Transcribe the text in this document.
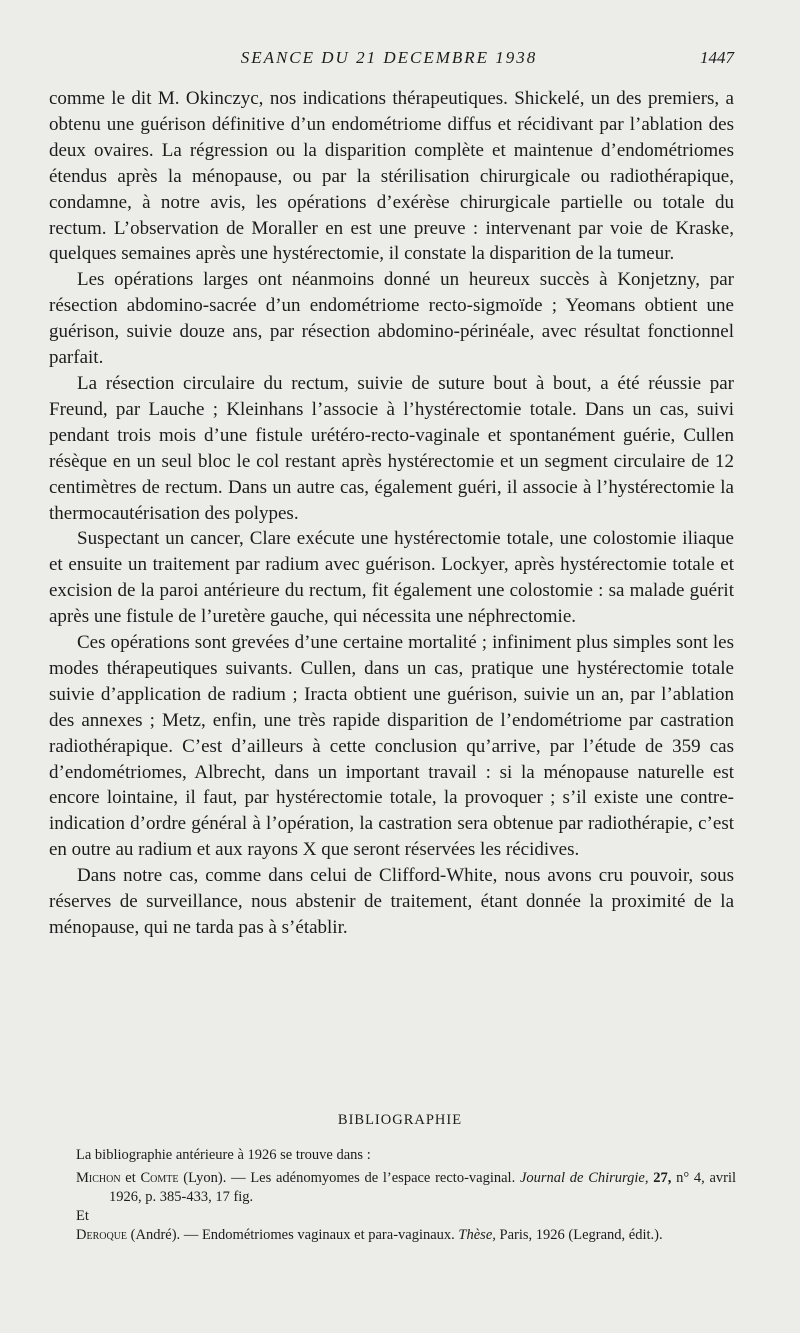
SEANCE DU 21 DECEMBRE 1938	1447

comme le dit M. Okinczyc, nos indications thérapeutiques. Shickelé, un des premiers, a obtenu une guérison définitive d’un endométriome diffus et récidivant par l’ablation des deux ovaires. La régression ou la disparition complète et maintenue d’endométriomes étendus après la ménopause, ou par la stérilisation chirurgicale ou radiothérapique, condamne, à notre avis, les opérations d’exérèse chirurgicale partielle ou totale du rectum. L’observation de Moraller en est une preuve : intervenant par voie de Kraske, quelques semaines après une hystérectomie, il constate la disparition de la tumeur.

Les opérations larges ont néanmoins donné un heureux succès à Konjetzny, par résection abdomino-sacrée d’un endométriome recto-sigmoïde ; Yeomans obtient une guérison, suivie douze ans, par résection abdomino-périnéale, avec résultat fonctionnel parfait.

La résection circulaire du rectum, suivie de suture bout à bout, a été réussie par Freund, par Lauche ; Kleinhans l’associe à l’hystérectomie totale. Dans un cas, suivi pendant trois mois d’une fistule urétéro-recto-vaginale et spontanément guérie, Cullen résèque en un seul bloc le col restant après hystérectomie et un segment circulaire de 12 centimètres de rectum. Dans un autre cas, également guéri, il associe à l’hystérectomie la thermocautérisation des polypes.

Suspectant un cancer, Clare exécute une hystérectomie totale, une colostomie iliaque et ensuite un traitement par radium avec guérison. Lockyer, après hystérectomie totale et excision de la paroi antérieure du rectum, fit également une colostomie : sa malade guérit après une fistule de l’uretère gauche, qui nécessita une néphrectomie.

Ces opérations sont grevées d’une certaine mortalité ; infiniment plus simples sont les modes thérapeutiques suivants. Cullen, dans un cas, pratique une hystérectomie totale suivie d’application de radium ; Iracta obtient une guérison, suivie un an, par l’ablation des annexes ; Metz, enfin, une très rapide disparition de l’endométriome par castration radiothérapique. C’est d’ailleurs à cette conclusion qu’arrive, par l’étude de 359 cas d’endométriomes, Albrecht, dans un important travail : si la ménopause naturelle est encore lointaine, il faut, par hystérectomie totale, la provoquer ; s’il existe une contre-indication d’ordre général à l’opération, la castration sera obtenue par radiothérapie, c’est en outre au radium et aux rayons X que seront réservées les récidives.

Dans notre cas, comme dans celui de Clifford-White, nous avons cru pouvoir, sous réserves de surveillance, nous abstenir de traitement, étant donnée la proximité de la ménopause, qui ne tarda pas à s’établir.

BIBLIOGRAPHIE

La bibliographie antérieure à 1926 se trouve dans :

Michon et Comte (Lyon). — Les adénomyomes de l’espace recto-vaginal. Journal de Chirurgie, 27, n° 4, avril 1926, p. 385-433, 17 fig.

Et

Deroque (André). — Endométriomes vaginaux et para-vaginaux. Thèse, Paris, 1926 (Legrand, édit.).
